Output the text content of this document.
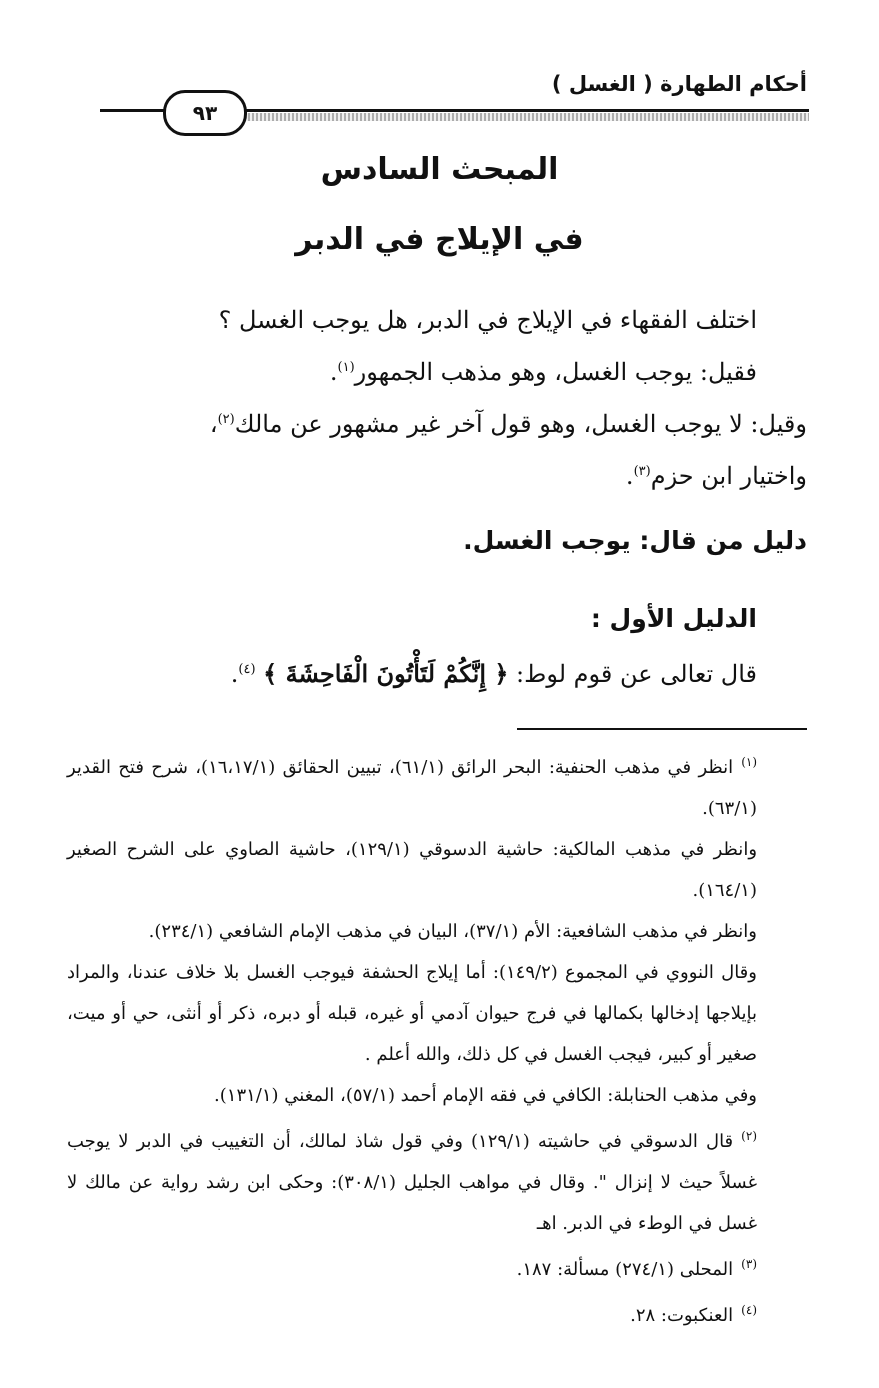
أحكام الطهارة ( الغسل )
٩٣
المبحث السادس
في الإيلاج في الدبر
اختلف الفقهاء في الإيلاج في الدبر، هل يوجب الغسل ؟
فقيل: يوجب الغسل، وهو مذهب الجمهور$^{(١)}$.
وقيل: لا يوجب الغسل، وهو قول آخر غير مشهور عن مالك$^{(٢)}$،
واختيار ابن حزم$^{(٣)}$.
دليل من قال: يوجب الغسل.
الدليل الأول :
قال تعالى عن قوم لوط: ﴿ إِنَّكُمْ لَتَأْتُونَ الْفَاحِشَةَ ﴾ $^{(٤)}$.

$^{(١)}$انظر في مذهب الحنفية: البحر الرائق (٦١/١)، تبيين الحقائق (١٦،١٧/١)، شرح فتح القدير (٦٣/١).

وانظر في مذهب المالكية: حاشية الدسوقي (١٢٩/١)، حاشية الصاوي على الشرح الصغير (١٦٤/١).

وانظر في مذهب الشافعية: الأم (٣٧/١)، البيان في مذهب الإمام الشافعي (٢٣٤/١).

وقال النووي في المجموع (١٤٩/٢): أما إيلاج الحشفة فيوجب الغسل بلا خلاف عندنا، والمراد بإيلاجها إدخالها بكمالها في فرج حيوان آدمي أو غيره، قبله أو دبره، ذكر أو أنثى، حي أو ميت، صغير أو كبير، فيجب الغسل في كل ذلك، والله أعلم .

وفي مذهب الحنابلة: الكافي في فقه الإمام أحمد (٥٧/١)، المغني (١٣١/١).

$^{(٢)}$قال الدسوقي في حاشيته (١٢٩/١) وفي قول شاذ لمالك، أن التغييب في الدبر لا يوجب غسلاً حيث لا إنزال ". وقال في مواهب الجليل (٣٠٨/١): وحكى ابن رشد رواية عن مالك لا غسل في الوطء في الدبر. اهـ

$^{(٣)}$المحلى (٢٧٤/١) مسألة: ١٨٧.

$^{(٤)}$العنكبوت: ٢٨.
